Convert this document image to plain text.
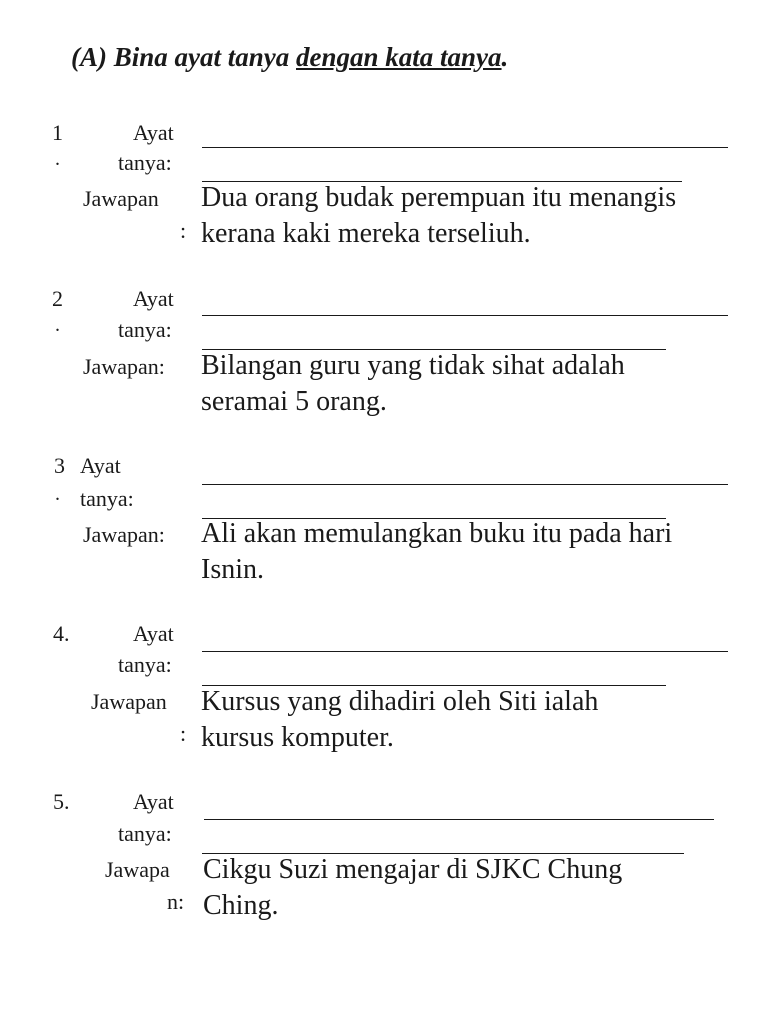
(A) Bina ayat tanya dengan kata tanya.
1
.
Ayat
tanya:
Jawapan
:
Dua orang budak perempuan itu menangis
kerana kaki mereka terseliuh.
2
.
Ayat
tanya:
Jawapan: Bilangan guru yang tidak sihat adalah
seramai 5 orang.
3
.
Ayat
tanya:
Jawapan: Ali akan memulangkan buku itu pada hari
Isnin.
4.	Ayat
tanya:
Jawapan
:
Kursus yang dihadiri oleh Siti ialah
kursus komputer.
5.	Ayat
tanya:
Jawapa
n:
Cikgu Suzi mengajar di SJKC Chung
Ching.
